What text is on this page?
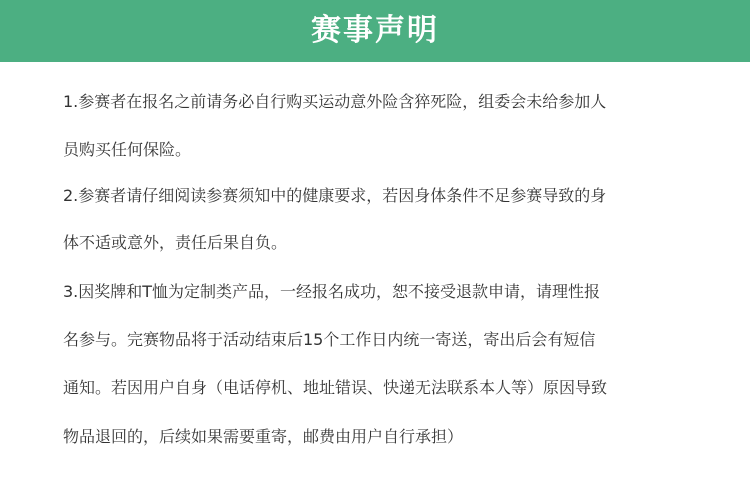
赛事声明
1.参赛者在报名之前请务必自行购买运动意外险含猝死险，组委会未给参加人
员购买任何保险。
2.参赛者请仔细阅读参赛须知中的健康要求，若因身体条件不足参赛导致的身
体不适或意外，责任后果自负。
3.因奖牌和T恤为定制类产品，一经报名成功，恕不接受退款申请，请理性报
名参与。完赛物品将于活动结束后15个工作日内统一寄送，寄出后会有短信
通知。若因用户自身（电话停机、地址错误、快递无法联系本人等）原因导致
物品退回的，后续如果需要重寄，邮费由用户自行承担）
